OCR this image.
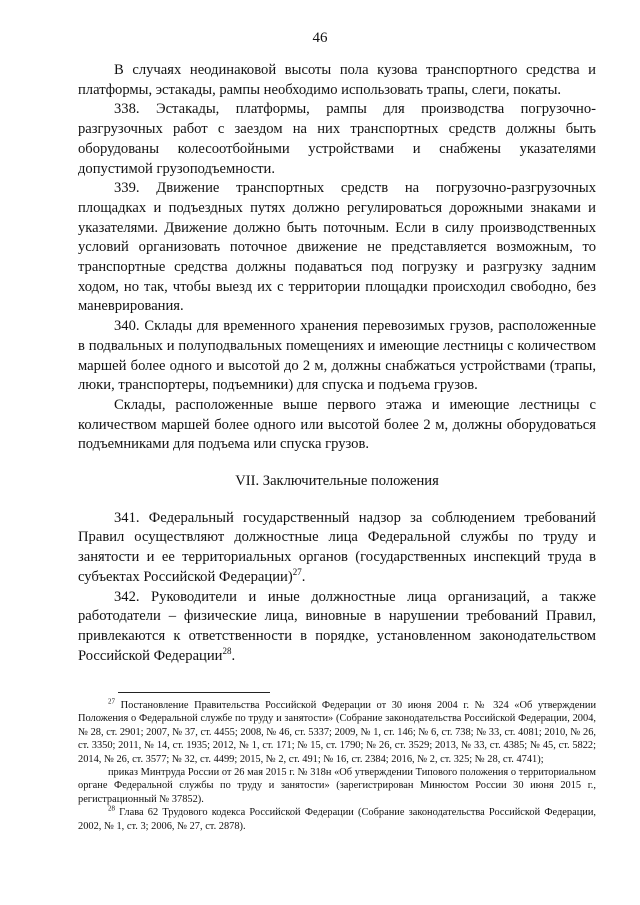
46

В случаях неодинаковой высоты пола кузова транспортного средства и платформы, эстакады, рампы необходимо использовать трапы, слеги, покаты.

338. Эстакады, платформы, рампы для производства погрузочно-разгрузочных работ с заездом на них транспортных средств должны быть оборудованы колесоотбойными устройствами и снабжены указателями допустимой грузоподъемности.

339. Движение транспортных средств на погрузочно-разгрузочных площадках и подъездных путях должно регулироваться дорожными знаками и указателями. Движение должно быть поточным. Если в силу производственных условий организовать поточное движение не представляется возможным, то транспортные средства должны подаваться под погрузку и разгрузку задним ходом, но так, чтобы выезд их с территории площадки происходил свободно, без маневрирования.

340. Склады для временного хранения перевозимых грузов, расположенные в подвальных и полуподвальных помещениях и имеющие лестницы с количеством маршей более одного и высотой до 2 м, должны снабжаться устройствами (трапы, люки, транспортеры, подъемники) для спуска и подъема грузов.

Склады, расположенные выше первого этажа и имеющие лестницы с количеством маршей более одного или высотой более 2 м, должны оборудоваться подъемниками для подъема или спуска грузов.

VII. Заключительные положения

341. Федеральный государственный надзор за соблюдением требований Правил осуществляют должностные лица Федеральной службы по труду и занятости и ее территориальных органов (государственных инспекций труда в субъектах Российской Федерации)$^{27}$.

342. Руководители и иные должностные лица организаций, а также работодатели – физические лица, виновные в нарушении требований Правил, привлекаются к ответственности в порядке, установленном законодательством Российской Федерации$^{28}$.

$^{27}$ Постановление Правительства Российской Федерации от 30 июня 2004 г. № 324 «Об утверждении Положения о Федеральной службе по труду и занятости» (Собрание законодательства Российской Федерации, 2004, № 28, ст. 2901; 2007, № 37, ст. 4455; 2008, № 46, ст. 5337; 2009, № 1, ст. 146; № 6, ст. 738; № 33, ст. 4081; 2010, № 26, ст. 3350; 2011, № 14, ст. 1935; 2012, № 1, ст. 171; № 15, ст. 1790; № 26, ст. 3529; 2013, № 33, ст. 4385; № 45, ст. 5822; 2014, № 26, ст. 3577; № 32, ст. 4499; 2015, № 2, ст. 491; № 16, ст. 2384; 2016, № 2, ст. 325; № 28, ст. 4741);

приказ Минтруда России от 26 мая 2015 г. № 318н «Об утверждении Типового положения о территориальном органе Федеральной службы по труду и занятости» (зарегистрирован Минюстом России 30 июня 2015 г., регистрационный № 37852).

$^{28}$ Глава 62 Трудового кодекса Российской Федерации (Собрание законодательства Российской Федерации, 2002, № 1, ст. 3; 2006, № 27, ст. 2878).
